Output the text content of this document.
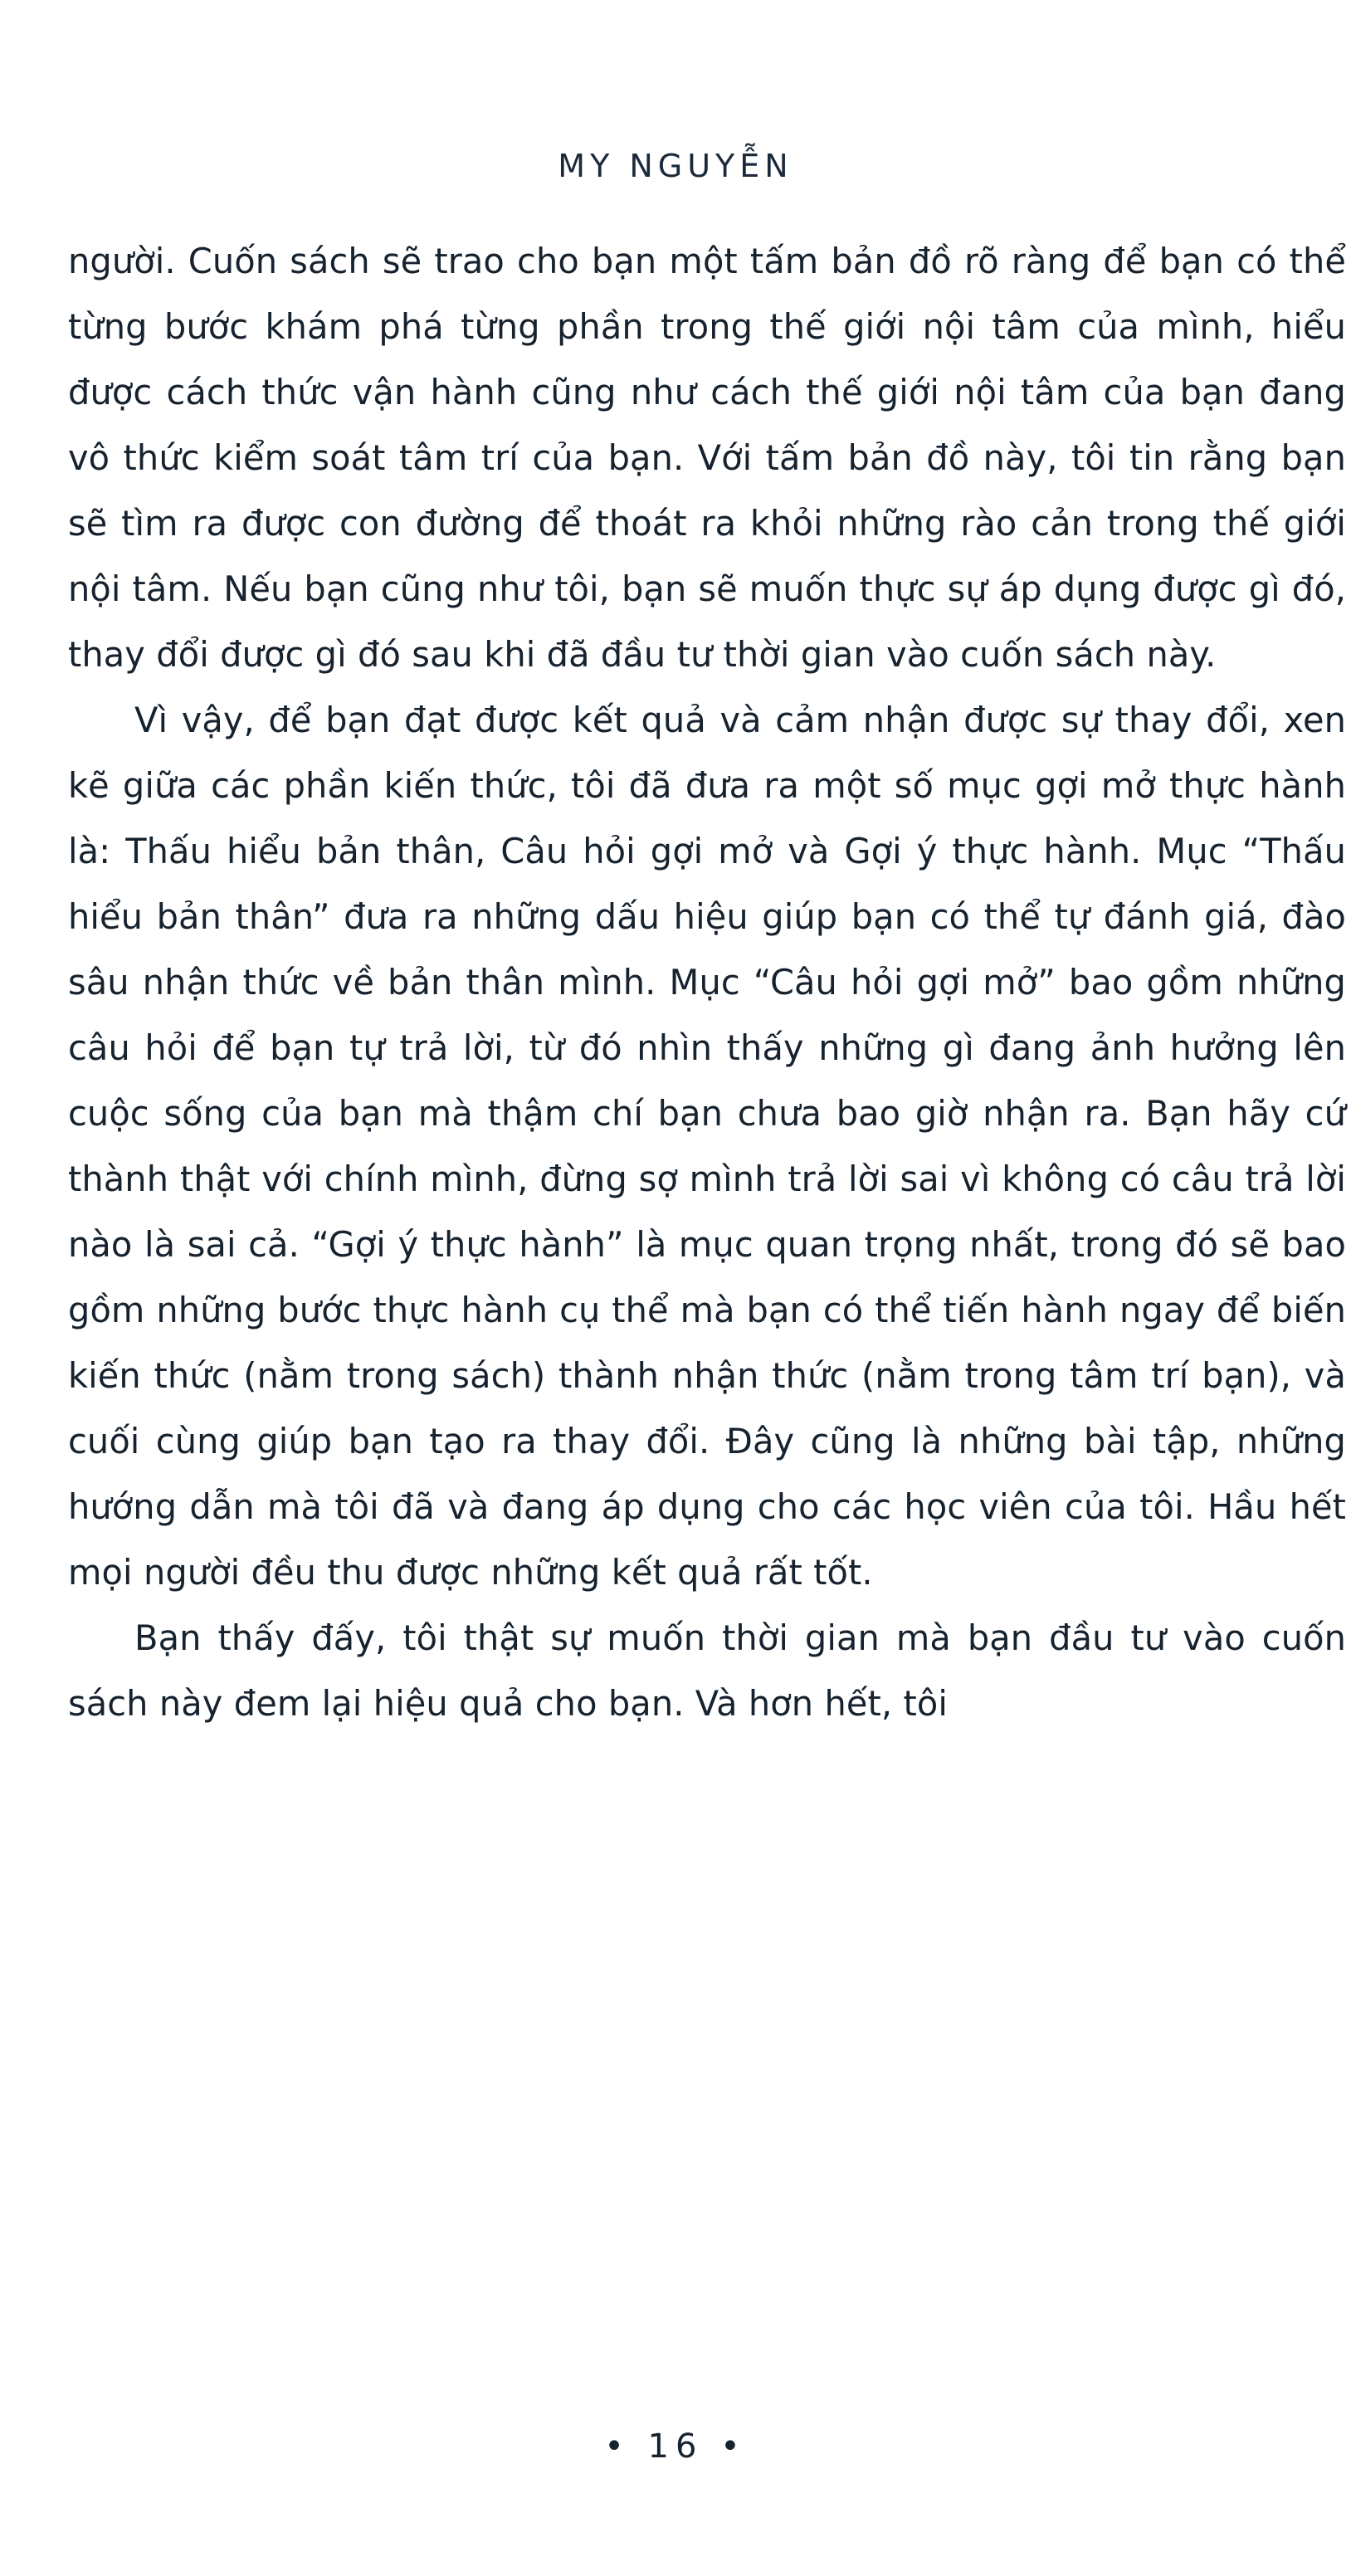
MY NGUYỄN

người. Cuốn sách sẽ trao cho bạn một tấm bản đồ rõ ràng để bạn có thể từng bước khám phá từng phần trong thế giới nội tâm của mình, hiểu được cách thức vận hành cũng như cách thế giới nội tâm của bạn đang vô thức kiểm soát tâm trí của bạn. Với tấm bản đồ này, tôi tin rằng bạn sẽ tìm ra được con đường để thoát ra khỏi những rào cản trong thế giới nội tâm. Nếu bạn cũng như tôi, bạn sẽ muốn thực sự áp dụng được gì đó, thay đổi được gì đó sau khi đã đầu tư thời gian vào cuốn sách này.

Vì vậy, để bạn đạt được kết quả và cảm nhận được sự thay đổi, xen kẽ giữa các phần kiến thức, tôi đã đưa ra một số mục gợi mở thực hành là: Thấu hiểu bản thân, Câu hỏi gợi mở và Gợi ý thực hành. Mục “Thấu hiểu bản thân” đưa ra những dấu hiệu giúp bạn có thể tự đánh giá, đào sâu nhận thức về bản thân mình. Mục “Câu hỏi gợi mở” bao gồm những câu hỏi để bạn tự trả lời, từ đó nhìn thấy những gì đang ảnh hưởng lên cuộc sống của bạn mà thậm chí bạn chưa bao giờ nhận ra. Bạn hãy cứ thành thật với chính mình, đừng sợ mình trả lời sai vì không có câu trả lời nào là sai cả. “Gợi ý thực hành” là mục quan trọng nhất, trong đó sẽ bao gồm những bước thực hành cụ thể mà bạn có thể tiến hành ngay để biến kiến thức (nằm trong sách) thành nhận thức (nằm trong tâm trí bạn), và cuối cùng giúp bạn tạo ra thay đổi. Đây cũng là những bài tập, những hướng dẫn mà tôi đã và đang áp dụng cho các học viên của tôi. Hầu hết mọi người đều thu được những kết quả rất tốt.

Bạn thấy đấy, tôi thật sự muốn thời gian mà bạn đầu tư vào cuốn sách này đem lại hiệu quả cho bạn. Và hơn hết, tôi

• 16 •
